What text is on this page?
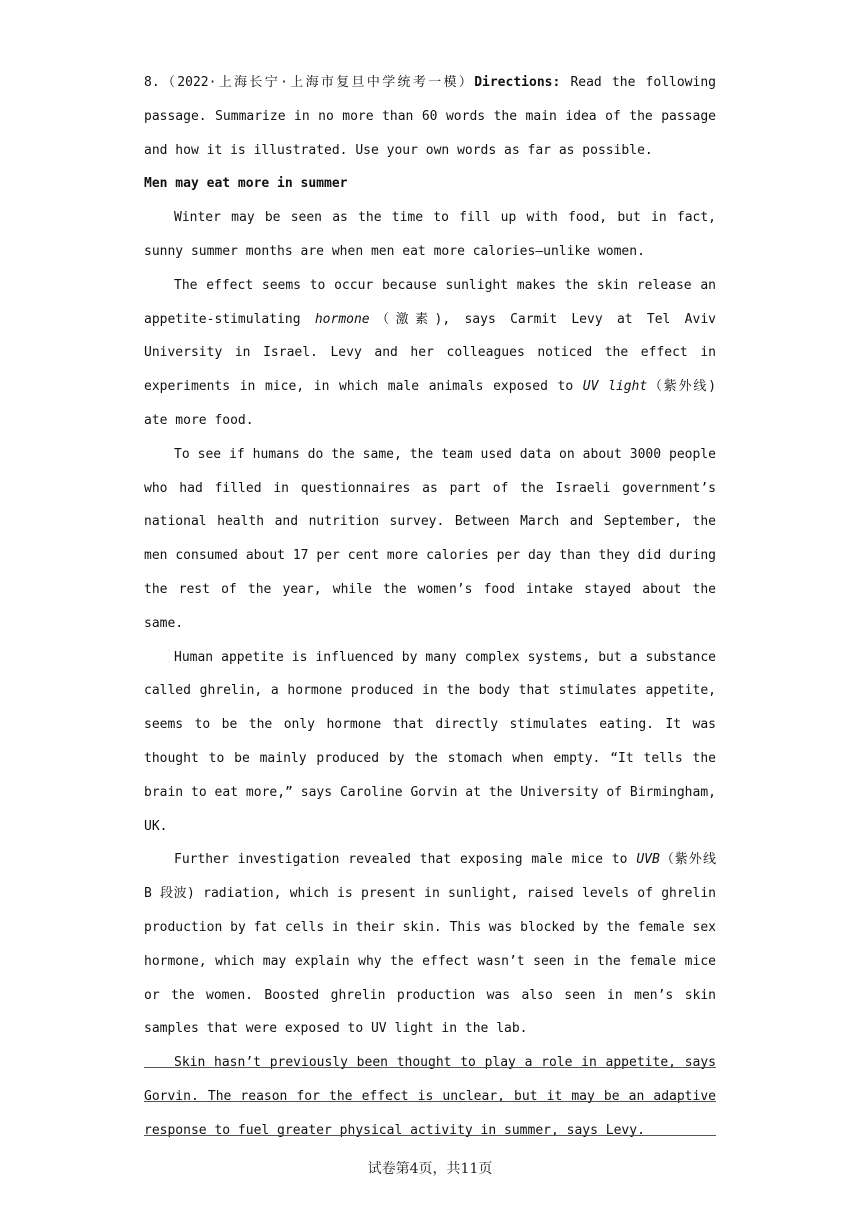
8.（2022·上海长宁·上海市复旦中学统考一模）Directions: Read the following passage. Summarize in no more than 60 words the main idea of the passage and how it is illustrated. Use your own words as far as possible.

Men may eat more in summer

Winter may be seen as the time to fill up with food, but in fact, sunny summer months are when men eat more calories—unlike women.

The effect seems to occur because sunlight makes the skin release an appetite-stimulating hormone（激素), says Carmit Levy at Tel Aviv University in Israel. Levy and her colleagues noticed the effect in experiments in mice, in which male animals exposed to UV light（紫外线) ate more food.

To see if humans do the same, the team used data on about 3000 people who had filled in questionnaires as part of the Israeli government’s national health and nutrition survey. Between March and September, the men consumed about 17 per cent more calories per day than they did during the rest of the year, while the women’s food intake stayed about the same.

Human appetite is influenced by many complex systems, but a substance called ghrelin, a hormone produced in the body that stimulates appetite, seems to be the only hormone that directly stimulates eating. It was thought to be mainly produced by the stomach when empty. “It tells the brain to eat more,” says Caroline Gorvin at the University of Birmingham, UK.

Further investigation revealed that exposing male mice to UVB（紫外线 B 段波) radiation, which is present in sunlight, raised levels of ghrelin production by fat cells in their skin. This was blocked by the female sex hormone, which may explain why the effect wasn’t seen in the female mice or the women. Boosted ghrelin production was also seen in men’s skin samples that were exposed to UV light in the lab.

Skin hasn’t previously been thought to play a role in appetite, says Gorvin. The reason for the effect is unclear, but it may be an adaptive response to fuel greater physical activity in summer, says Levy.

试卷第4页，共11页
